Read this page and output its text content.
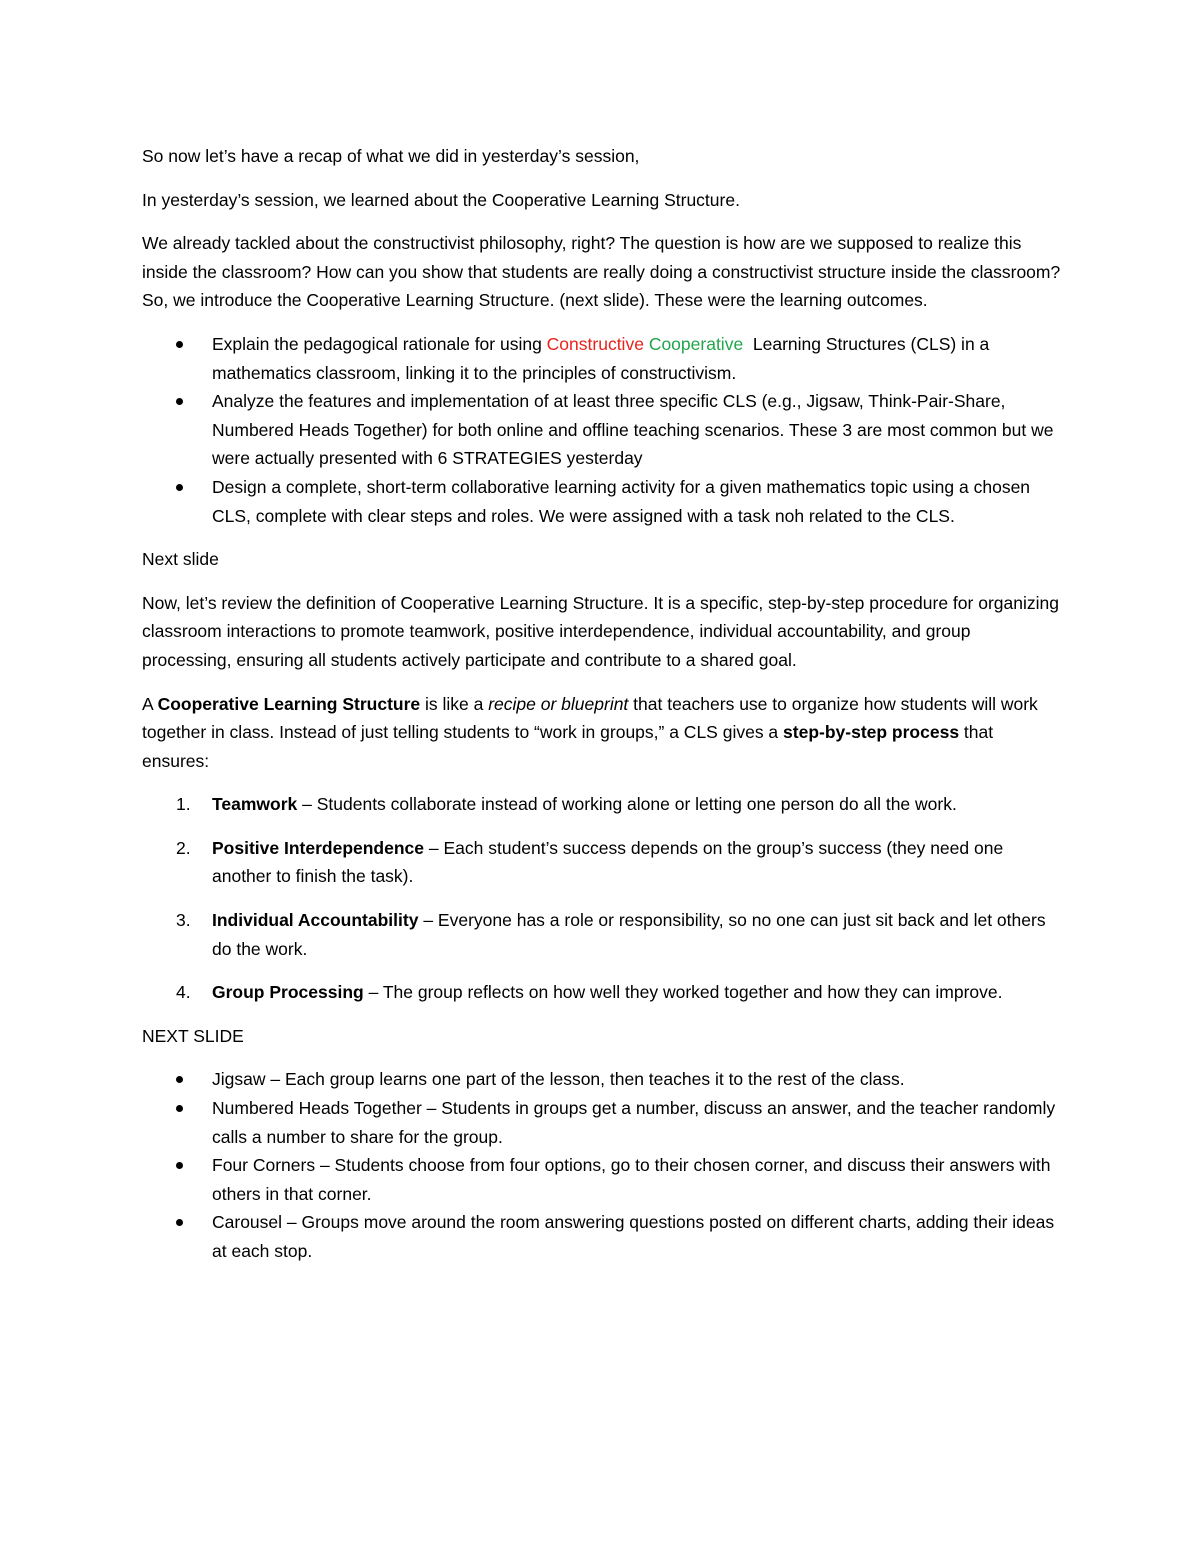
So now let’s have a recap of what we did in yesterday’s session,

In yesterday’s session, we learned about the Cooperative Learning Structure.

We already tackled about the constructivist philosophy, right? The question is how are we supposed to realize this inside the classroom? How can you show that students are really doing a constructivist structure inside the classroom? So, we introduce the Cooperative Learning Structure. (next slide). These were the learning outcomes.

Explain the pedagogical rationale for using Constructive Cooperative  Learning Structures (CLS) in a mathematics classroom, linking it to the principles of constructivism.
Analyze the features and implementation of at least three specific CLS (e.g., Jigsaw, Think-Pair-Share, Numbered Heads Together) for both online and offline teaching scenarios. These 3 are most common but we were actually presented with 6 STRATEGIES yesterday
Design a complete, short-term collaborative learning activity for a given mathematics topic using a chosen CLS, complete with clear steps and roles. We were assigned with a task noh related to the CLS.

Next slide

Now, let’s review the definition of Cooperative Learning Structure. It is a specific, step-by-step procedure for organizing classroom interactions to promote teamwork, positive interdependence, individual accountability, and group processing, ensuring all students actively participate and contribute to a shared goal.

A Cooperative Learning Structure is like a recipe or blueprint that teachers use to organize how students will work together in class. Instead of just telling students to “work in groups,” a CLS gives a step-by-step process that ensures:

1. Teamwork – Students collaborate instead of working alone or letting one person do all the work.
2. Positive Interdependence – Each student’s success depends on the group’s success (they need one another to finish the task).
3. Individual Accountability – Everyone has a role or responsibility, so no one can just sit back and let others do the work.
4. Group Processing – The group reflects on how well they worked together and how they can improve.

NEXT SLIDE

Jigsaw – Each group learns one part of the lesson, then teaches it to the rest of the class.
Numbered Heads Together – Students in groups get a number, discuss an answer, and the teacher randomly calls a number to share for the group.
Four Corners – Students choose from four options, go to their chosen corner, and discuss their answers with others in that corner.
Carousel – Groups move around the room answering questions posted on different charts, adding their ideas at each stop.
